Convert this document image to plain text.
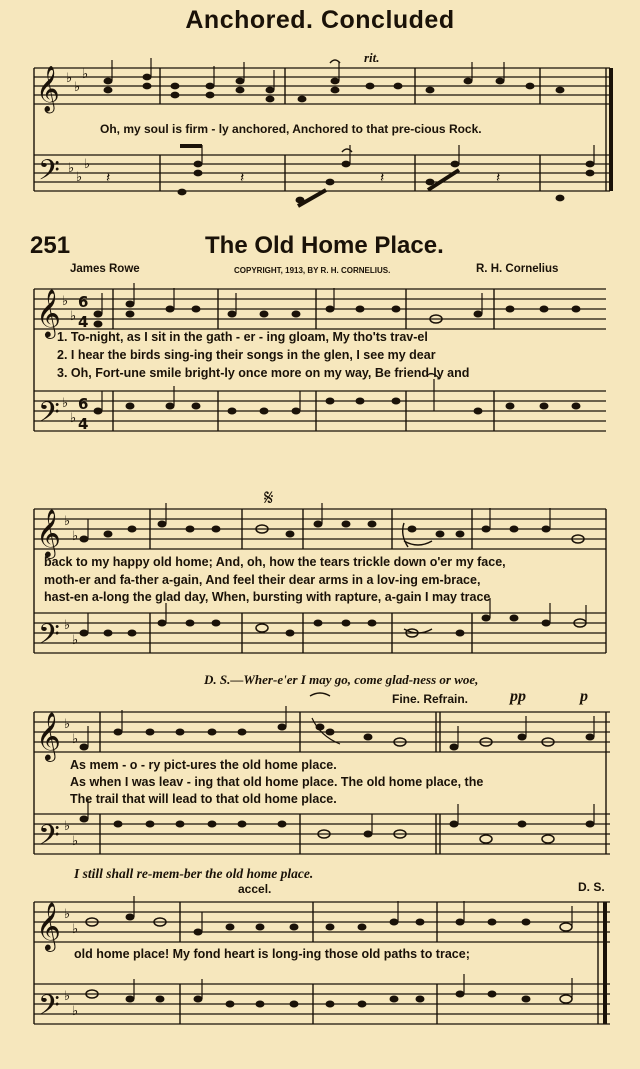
Anchored. Concluded
𝄞
𝄢
♭
♭
♭
♭
♭
♭
𝄽	𝄽	𝄽
𝄽
rit.
Oh, my soul is firm - ly anchored, Anchored to that pre-cious Rock.
251	The Old Home Place.
James Rowe	COPYRIGHT, 1913, BY R. H. CORNELIUS.	R. H. Cornelius
𝄞
𝄢
♭
♭
♭
♭
6
4
6
4
1. To-night, as I sit in the gath - er - ing gloam, My tho'ts trav-el
2. I hear the birds sing-ing their songs in the glen, I see my dear
3. Oh, Fort-une smile bright-ly once more on my way, Be friend-ly and
𝄋
𝄞
𝄢
♭
♭
♭
♭
back to my happy old home; And, oh, how the tears trickle down o'er my face,
moth-er and fa-ther a-gain, And feel their dear arms in a lov-ing em-brace,
hast-en a-long the glad day, When, bursting with rapture, a-gain I may trace
D. S.—Wher-e'er I may go, come glad-ness or woe,
Fine. Refrain.	pp	p
𝄞
𝄢
♭
♭
♭
♭
As mem - o - ry pict-ures the old home place.
As when I was leav - ing that old home place. The old home place, the
The trail that will lead to that old home place.
I still shall re-mem-ber the old home place.
accel.	D. S.
𝄞
𝄢
♭
♭
♭
♭
old home place! My fond heart is long-ing those old paths to trace;
